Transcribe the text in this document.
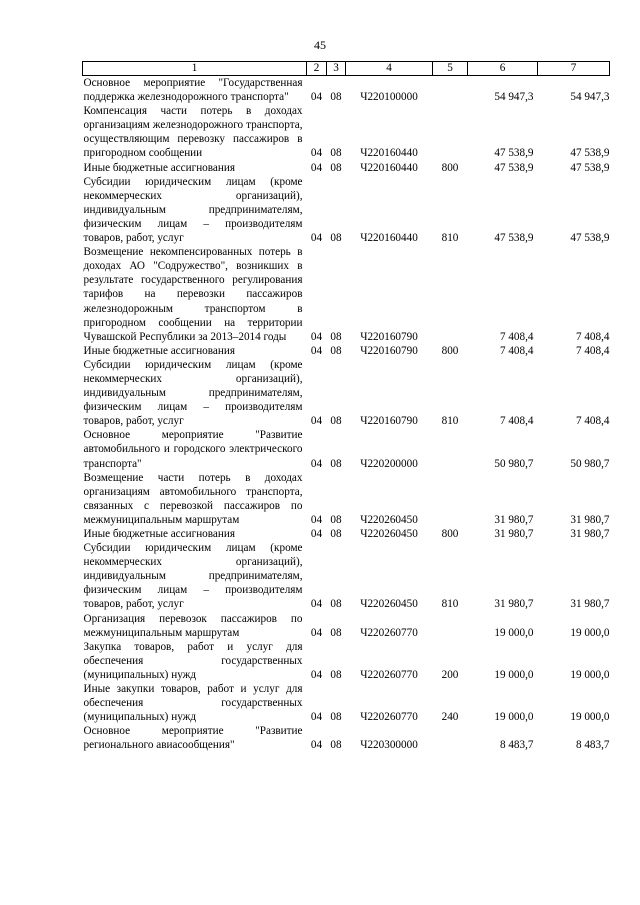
45
1	2	3	4	5	6	7
Основное мероприятие "Государственная поддержка железнодорожного транспорта"	04	08	Ч220100000		54 947,3	54 947,3
Компенсация части потерь в доходах организациям железнодорожного транспорта, осуществляющим перевозку пассажиров в пригородном сообщении	04	08	Ч220160440		47 538,9	47 538,9
Иные бюджетные ассигнования	04	08	Ч220160440	800	47 538,9	47 538,9
Субсидии юридическим лицам (кроме некоммерческих организаций), индивидуальным предпринимателям, физическим лицам – производителям товаров, работ, услуг	04	08	Ч220160440	810	47 538,9	47 538,9
Возмещение некомпенсированных потерь в доходах АО "Содружество", возникших в результате государственного регулирования тарифов на перевозки пассажиров железнодорожным транспортом в пригородном сообщении на территории Чувашской Республики за 2013–2014 годы	04	08	Ч220160790		7 408,4	7 408,4
Иные бюджетные ассигнования	04	08	Ч220160790	800	7 408,4	7 408,4
Субсидии юридическим лицам (кроме некоммерческих организаций), индивидуальным предпринимателям, физическим лицам – производителям товаров, работ, услуг	04	08	Ч220160790	810	7 408,4	7 408,4
Основное мероприятие "Развитие автомобильного и городского электрического транспорта"	04	08	Ч220200000		50 980,7	50 980,7
Возмещение части потерь в доходах организациям автомобильного транспорта, связанных с перевозкой пассажиров по межмуниципальным маршрутам	04	08	Ч220260450		31 980,7	31 980,7
Иные бюджетные ассигнования	04	08	Ч220260450	800	31 980,7	31 980,7
Субсидии юридическим лицам (кроме некоммерческих организаций), индивидуальным предпринимателям, физическим лицам – производителям товаров, работ, услуг	04	08	Ч220260450	810	31 980,7	31 980,7
Организация перевозок пассажиров по межмуниципальным маршрутам	04	08	Ч220260770		19 000,0	19 000,0
Закупка товаров, работ и услуг для обеспечения государственных (муниципальных) нужд	04	08	Ч220260770	200	19 000,0	19 000,0
Иные закупки товаров, работ и услуг для обеспечения государственных (муниципальных) нужд	04	08	Ч220260770	240	19 000,0	19 000,0
Основное мероприятие "Развитие регионального авиасообщения"	04	08	Ч220300000		8 483,7	8 483,7
